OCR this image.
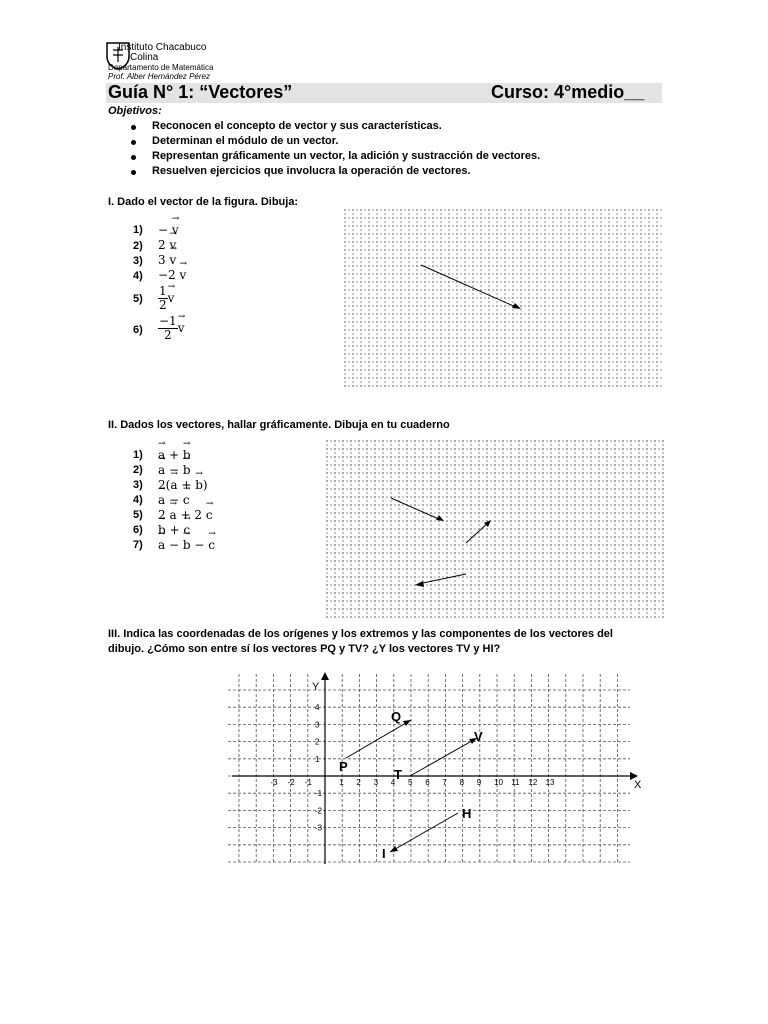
Instituto Chacabuco
Colina
Departamento de Matemática
Prof. Alber Hernández Pérez
Guía N° 1: “Vectores”	Curso: 4°medio__
Objetivos:
Reconocen el concepto de vector y sus características.
Determinan el módulo de un vector.
Representan gráficamente un vector, la adición y sustracción de vectores.
Resuelven ejercicios que involucra la operación de vectores.
I. Dado el vector de la figura. Dibuja:
1)
2)
3)
4)
5)
6)
− → v
2 → v
3 → v
−2 → v
$\frac{1}{2}$
→ v
$\frac{-1}{2}$
→ v
II. Dados los vectores, hallar gráficamente. Dibuja en tu cuaderno
1)
2)
3)
4)
5)
6)
7)
→ a + → b
→ a − → b
2(→ a + → b)
→ a − → c
2 → a + 2 → c
→ b + → c
→ a − → b − → c
III. Indica las coordenadas de los orígenes y los extremos y las componentes de los vectores del
dibujo. ¿Cómo son entre sí los vectores PQ y TV? ¿Y los vectores TV y HI?
X
Y
-3 -2 -1	1 2 3 4 5 6 7 8 9 10 11 12 13
4
3
2
1
-1
-2
-3
P
Q
T
V
H
I
